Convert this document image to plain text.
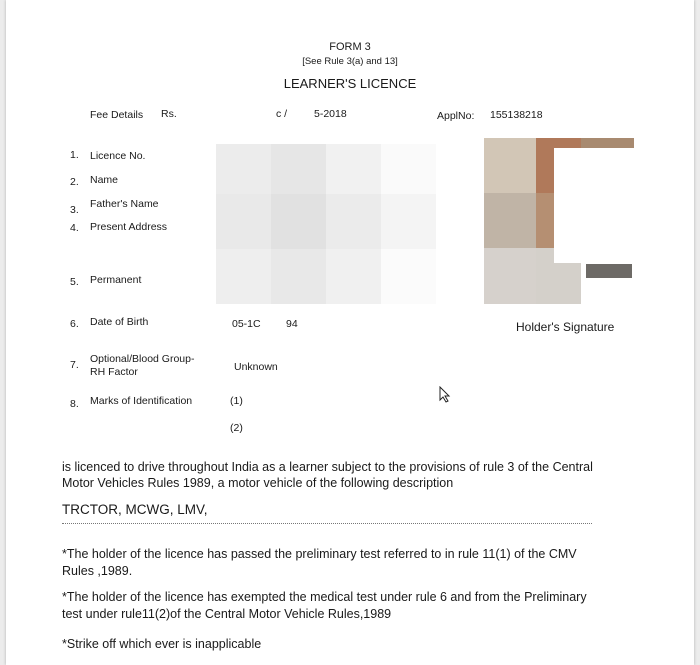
FORM 3
[See Rule 3(a) and 13]
LEARNER'S LICENCE
Fee Details Rs.	c /	5-2018	ApplNo: 155138218
1. Licence No.
2. Name
3. Father's Name
4. Present Address
5. Permanent
6. Date of Birth	05-1C 94
7. Optional/Blood Group-
RH Factor	Unknown
8. Marks of Identification	(1)
(2)
Holder's Signature
is licenced to drive throughout India as a learner subject to the provisions of rule 3 of the Central
Motor Vehicles Rules 1989, a motor vehicle of the following description
TRCTOR, MCWG, LMV,
*The holder of the licence has passed the preliminary test referred to in rule 11(1) of the CMV
Rules ,1989.
*The holder of the licence has exempted the medical test under rule 6 and from the Preliminary
test under rule11(2)of the Central Motor Vehicle Rules,1989
*Strike off which ever is inapplicable
